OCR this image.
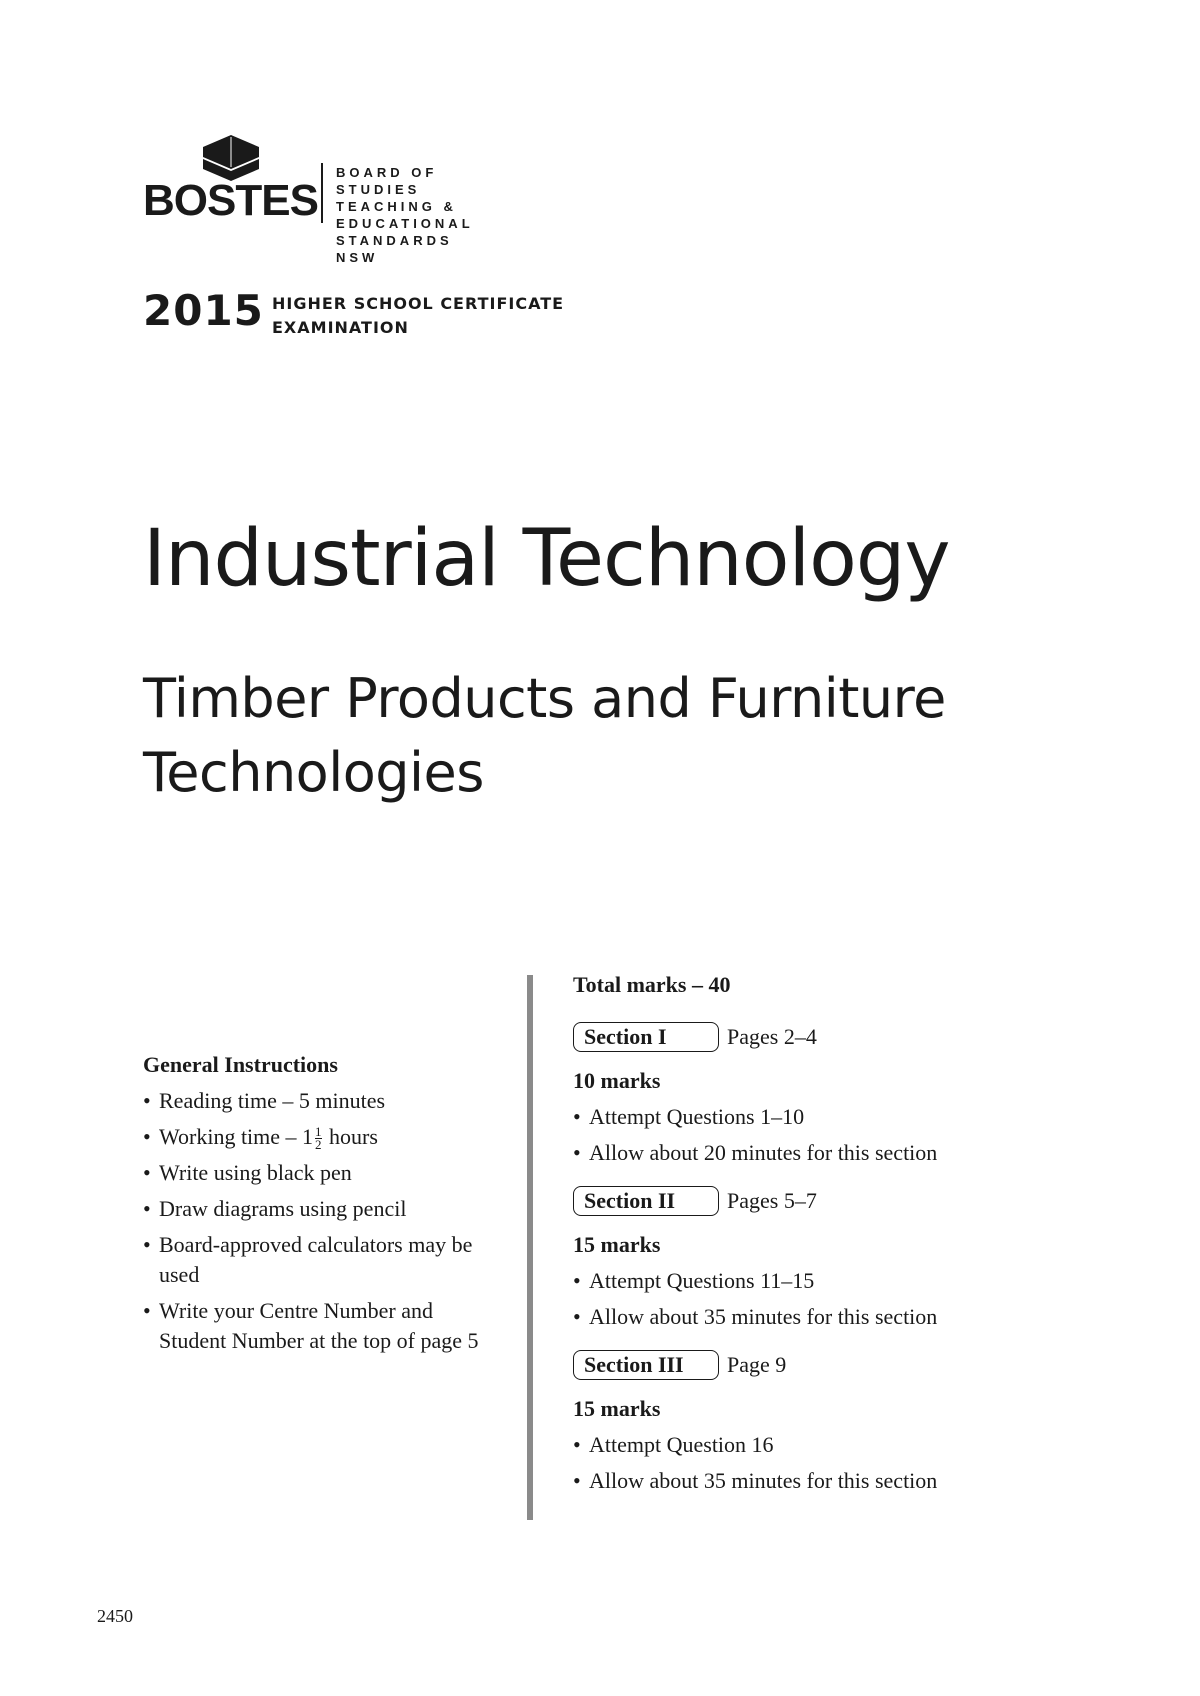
BOSTES
BOARD OF STUDIES
TEACHING &
EDUCATIONAL
STANDARDS NSW
2015 HIGHER SCHOOL CERTIFICATE
EXAMINATION
Industrial Technology
Timber Products and Furniture
Technologies
General Instructions
• Reading time – 5 minutes
• Working time – $1 \frac{1}{2}$ hours
• Write using black pen
• Draw diagrams using pencil
• Board-approved calculators may be used
• Write your Centre Number and Student Number at the top of page 5
Total marks – 40
Section I	Pages 2–4
10 marks
• Attempt Questions 1–10
• Allow about 20 minutes for this section
Section II	Pages 5–7
15 marks
• Attempt Questions 11–15
• Allow about 35 minutes for this section
Section III	Page 9
15 marks
• Attempt Question 16
• Allow about 35 minutes for this section
2450
